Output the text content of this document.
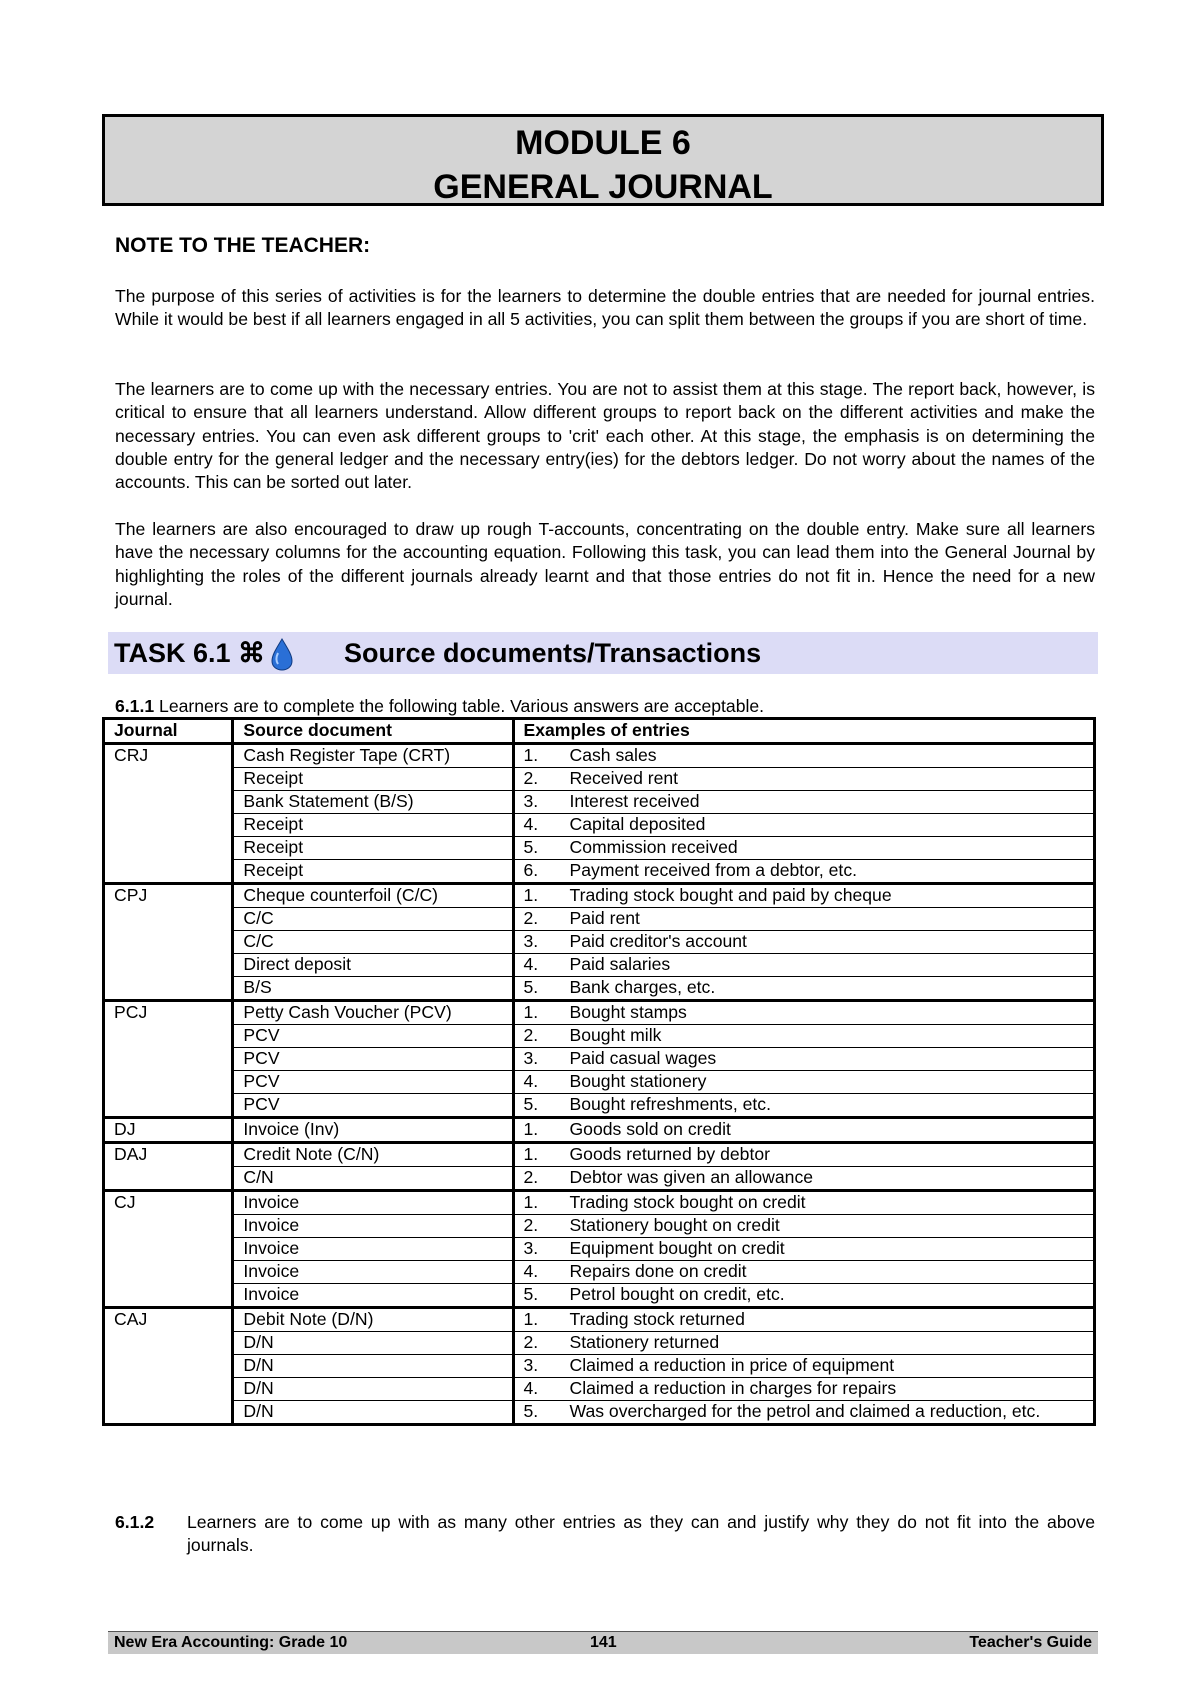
MODULE 6
GENERAL JOURNAL
NOTE TO THE TEACHER:
The purpose of this series of activities is for the learners to determine the double entries that are needed for journal entries. While it would be best if all learners engaged in all 5 activities, you can split them between the groups if you are short of time.
The learners are to come up with the necessary entries. You are not to assist them at this stage. The report back, however, is critical to ensure that all learners understand. Allow different groups to report back on the different activities and make the necessary entries. You can even ask different groups to 'crit' each other. At this stage, the emphasis is on determining the double entry for the general ledger and the necessary entry(ies) for the debtors ledger. Do not worry about the names of the accounts. This can be sorted out later.
The learners are also encouraged to draw up rough T-accounts, concentrating on the double entry. Make sure all learners have the necessary columns for the accounting equation. Following this task, you can lead them into the General Journal by highlighting the roles of the different journals already learnt and that those entries do not fit in. Hence the need for a new journal.
TASK 6.1 ⌘	Source documents/Transactions
6.1.1 Learners are to complete the following table. Various answers are acceptable.
Journal	Source document	Examples of entries
CRJ	Cash Register Tape (CRT)	1. Cash sales
	Receipt	2. Received rent
	Bank Statement (B/S)	3. Interest received
	Receipt	4. Capital deposited
	Receipt	5. Commission received
	Receipt	6. Payment received from a debtor, etc.
CPJ	Cheque counterfoil (C/C)	1. Trading stock bought and paid by cheque
	C/C	2. Paid rent
	C/C	3. Paid creditor's account
	Direct deposit	4. Paid salaries
	B/S	5. Bank charges, etc.
PCJ	Petty Cash Voucher (PCV)	1. Bought stamps
	PCV	2. Bought milk
	PCV	3. Paid casual wages
	PCV	4. Bought stationery
	PCV	5. Bought refreshments, etc.
DJ	Invoice (Inv)	1. Goods sold on credit
DAJ	Credit Note (C/N)	1. Goods returned by debtor
	C/N	2. Debtor was given an allowance
CJ	Invoice	1. Trading stock bought on credit
	Invoice	2. Stationery bought on credit
	Invoice	3. Equipment bought on credit
	Invoice	4. Repairs done on credit
	Invoice	5. Petrol bought on credit, etc.
CAJ	Debit Note (D/N)	1. Trading stock returned
	D/N	2. Stationery returned
	D/N	3. Claimed a reduction in price of equipment
	D/N	4. Claimed a reduction in charges for repairs
	D/N	5. Was overcharged for the petrol and claimed a reduction, etc.
6.1.2 Learners are to come up with as many other entries as they can and justify why they do not fit into the above journals.
New Era Accounting: Grade 10	141	Teacher's Guide
